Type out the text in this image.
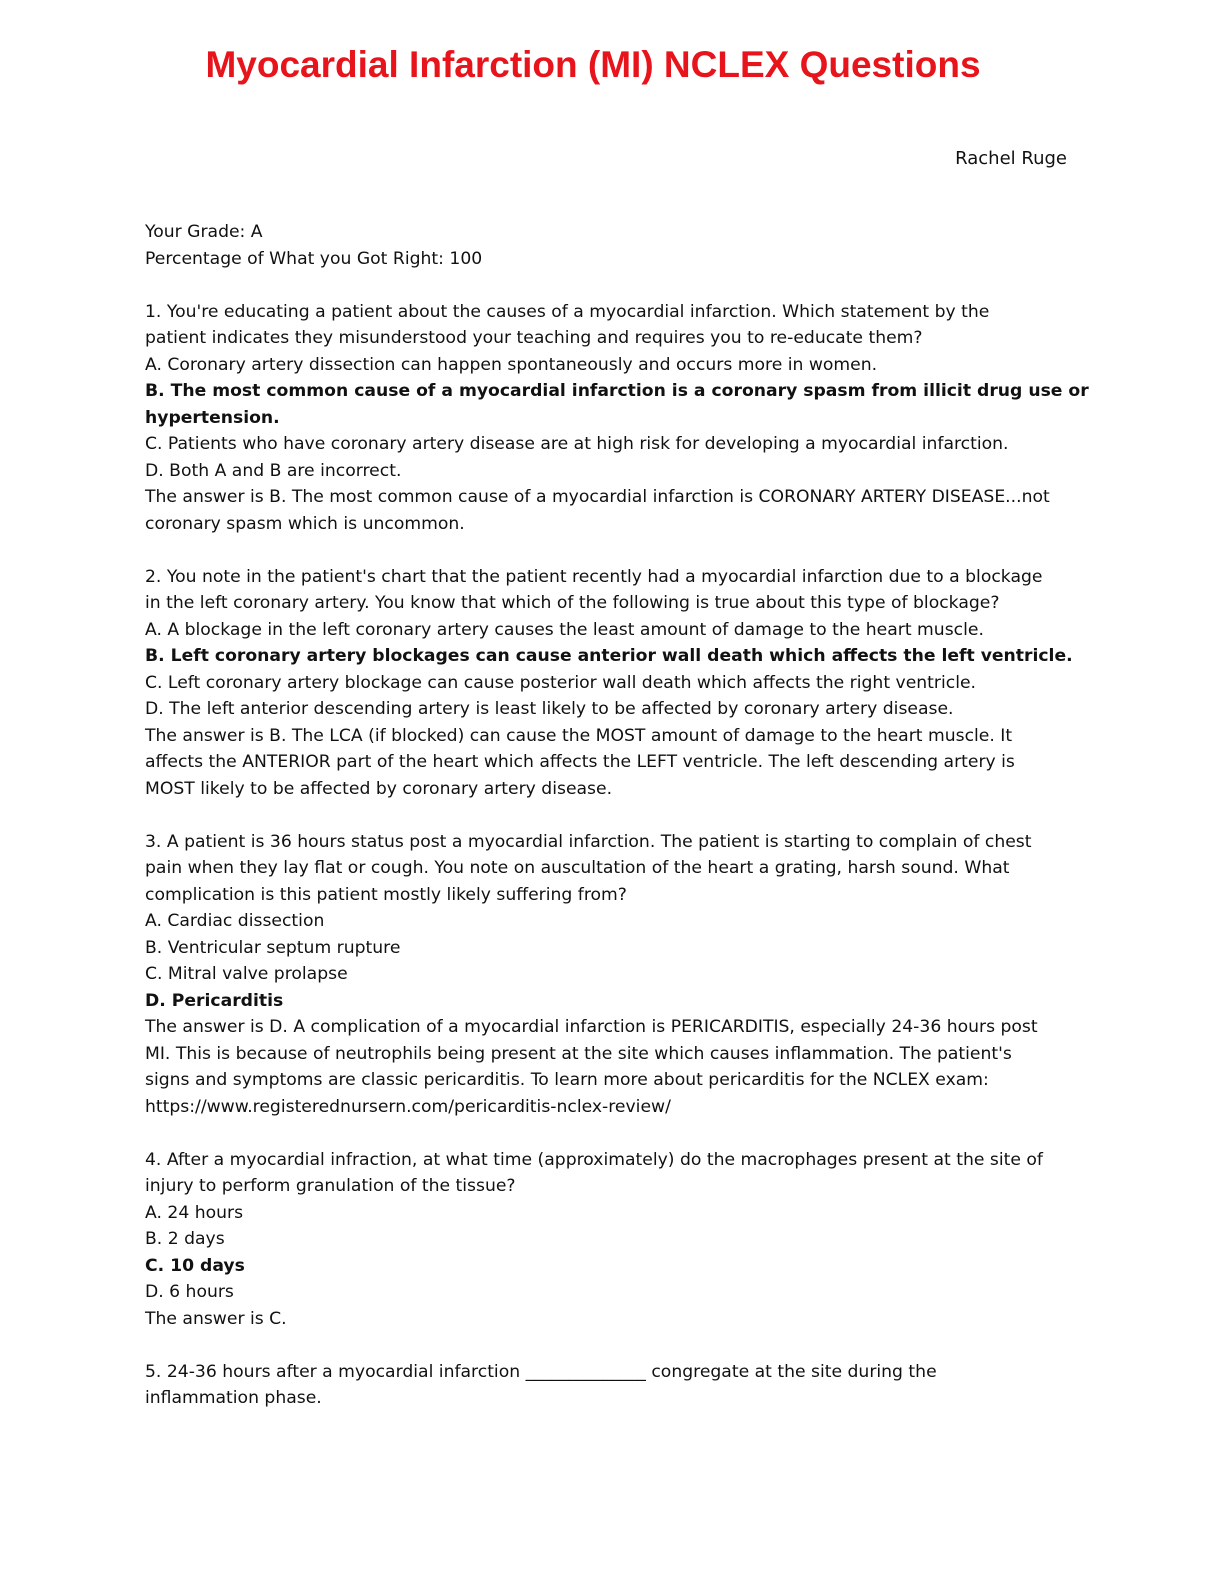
Myocardial Infarction (MI) NCLEX Questions
Rachel Ruge
Your Grade: A
Percentage of What you Got Right: 100
1. You're educating a patient about the causes of a myocardial infarction. Which statement by the
patient indicates they misunderstood your teaching and requires you to re-educate them?
A. Coronary artery dissection can happen spontaneously and occurs more in women.
B. The most common cause of a myocardial infarction is a coronary spasm from illicit drug use or
hypertension.
C. Patients who have coronary artery disease are at high risk for developing a myocardial infarction.
D. Both A and B are incorrect.
The answer is B. The most common cause of a myocardial infarction is CORONARY ARTERY DISEASE...not
coronary spasm which is uncommon.
2. You note in the patient's chart that the patient recently had a myocardial infarction due to a blockage
in the left coronary artery. You know that which of the following is true about this type of blockage?
A. A blockage in the left coronary artery causes the least amount of damage to the heart muscle.
B. Left coronary artery blockages can cause anterior wall death which affects the left ventricle.
C. Left coronary artery blockage can cause posterior wall death which affects the right ventricle.
D. The left anterior descending artery is least likely to be affected by coronary artery disease.
The answer is B. The LCA (if blocked) can cause the MOST amount of damage to the heart muscle. It
affects the ANTERIOR part of the heart which affects the LEFT ventricle. The left descending artery is
MOST likely to be affected by coronary artery disease.
3. A patient is 36 hours status post a myocardial infarction. The patient is starting to complain of chest
pain when they lay flat or cough. You note on auscultation of the heart a grating, harsh sound. What
complication is this patient mostly likely suffering from?
A. Cardiac dissection
B. Ventricular septum rupture
C. Mitral valve prolapse
D. Pericarditis
The answer is D. A complication of a myocardial infarction is PERICARDITIS, especially 24-36 hours post
MI. This is because of neutrophils being present at the site which causes inflammation. The patient's
signs and symptoms are classic pericarditis. To learn more about pericarditis for the NCLEX exam:
https://www.registerednursern.com/pericarditis-nclex-review/
4. After a myocardial infraction, at what time (approximately) do the macrophages present at the site of
injury to perform granulation of the tissue?
A. 24 hours
B. 2 days
C. 10 days
D. 6 hours
The answer is C.
5. 24-36 hours after a myocardial infarction ______________ congregate at the site during the
inflammation phase.
